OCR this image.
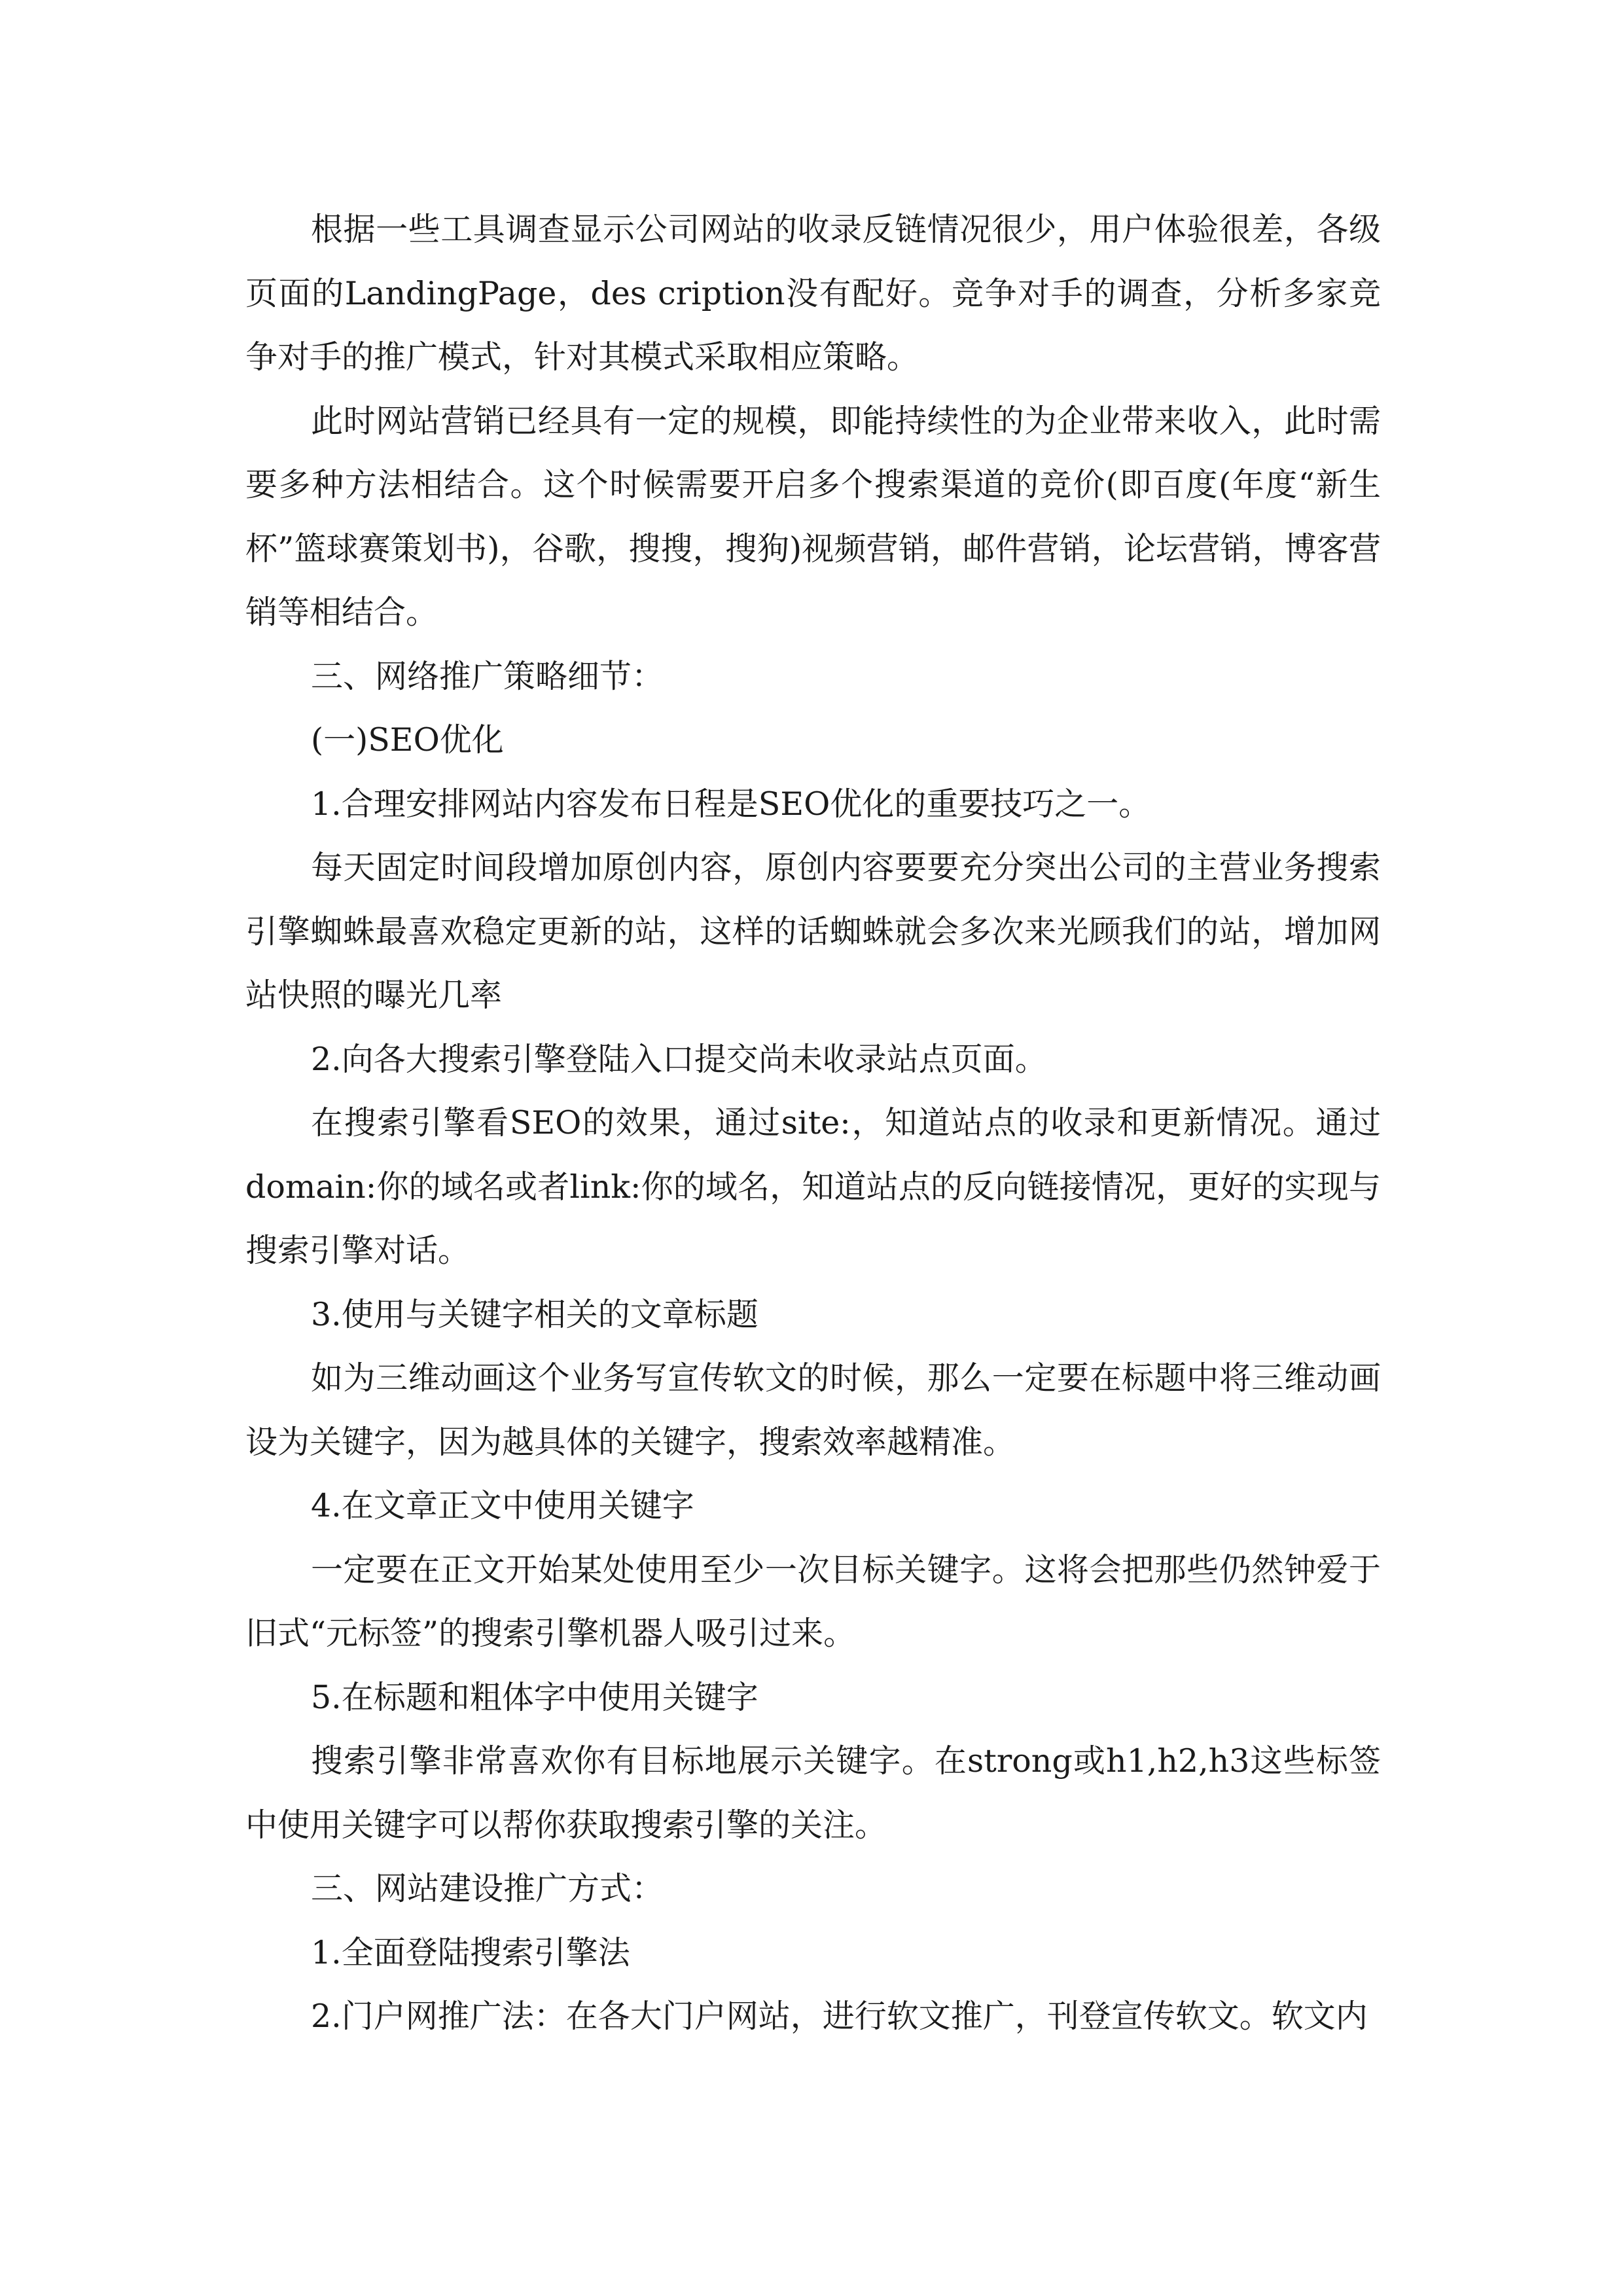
根据一些工具调查显示公司网站的收录反链情况很少，用户体验很差，各级页面的LandingPage，des cription没有配好。竞争对手的调查，分析多家竞争对手的推广模式，针对其模式采取相应策略。

此时网站营销已经具有一定的规模，即能持续性的为企业带来收入，此时需要多种方法相结合。这个时候需要开启多个搜索渠道的竞价(即百度(年度“新生杯”篮球赛策划书)，谷歌，搜搜，搜狗)视频营销，邮件营销，论坛营销，博客营销等相结合。

三、网络推广策略细节：

(一)SEO优化

1.合理安排网站内容发布日程是SEO优化的重要技巧之一。

每天固定时间段增加原创内容，原创内容要要充分突出公司的主营业务搜索引擎蜘蛛最喜欢稳定更新的站，这样的话蜘蛛就会多次来光顾我们的站，增加网站快照的曝光几率

2.向各大搜索引擎登陆入口提交尚未收录站点页面。

在搜索引擎看SEO的效果，通过site:，知道站点的收录和更新情况。通过domain:你的域名或者link:你的域名，知道站点的反向链接情况，更好的实现与搜索引擎对话。

3.使用与关键字相关的文章标题

如为三维动画这个业务写宣传软文的时候，那么一定要在标题中将三维动画设为关键字，因为越具体的关键字，搜索效率越精准。

4.在文章正文中使用关键字

一定要在正文开始某处使用至少一次目标关键字。这将会把那些仍然钟爱于旧式“元标签”的搜索引擎机器人吸引过来。

5.在标题和粗体字中使用关键字

搜索引擎非常喜欢你有目标地展示关键字。在strong或h1,h2,h3这些标签中使用关键字可以帮你获取搜索引擎的关注。

三、网站建设推广方式：

1.全面登陆搜索引擎法

2.门户网推广法：在各大门户网站，进行软文推广，刊登宣传软文。软文内
